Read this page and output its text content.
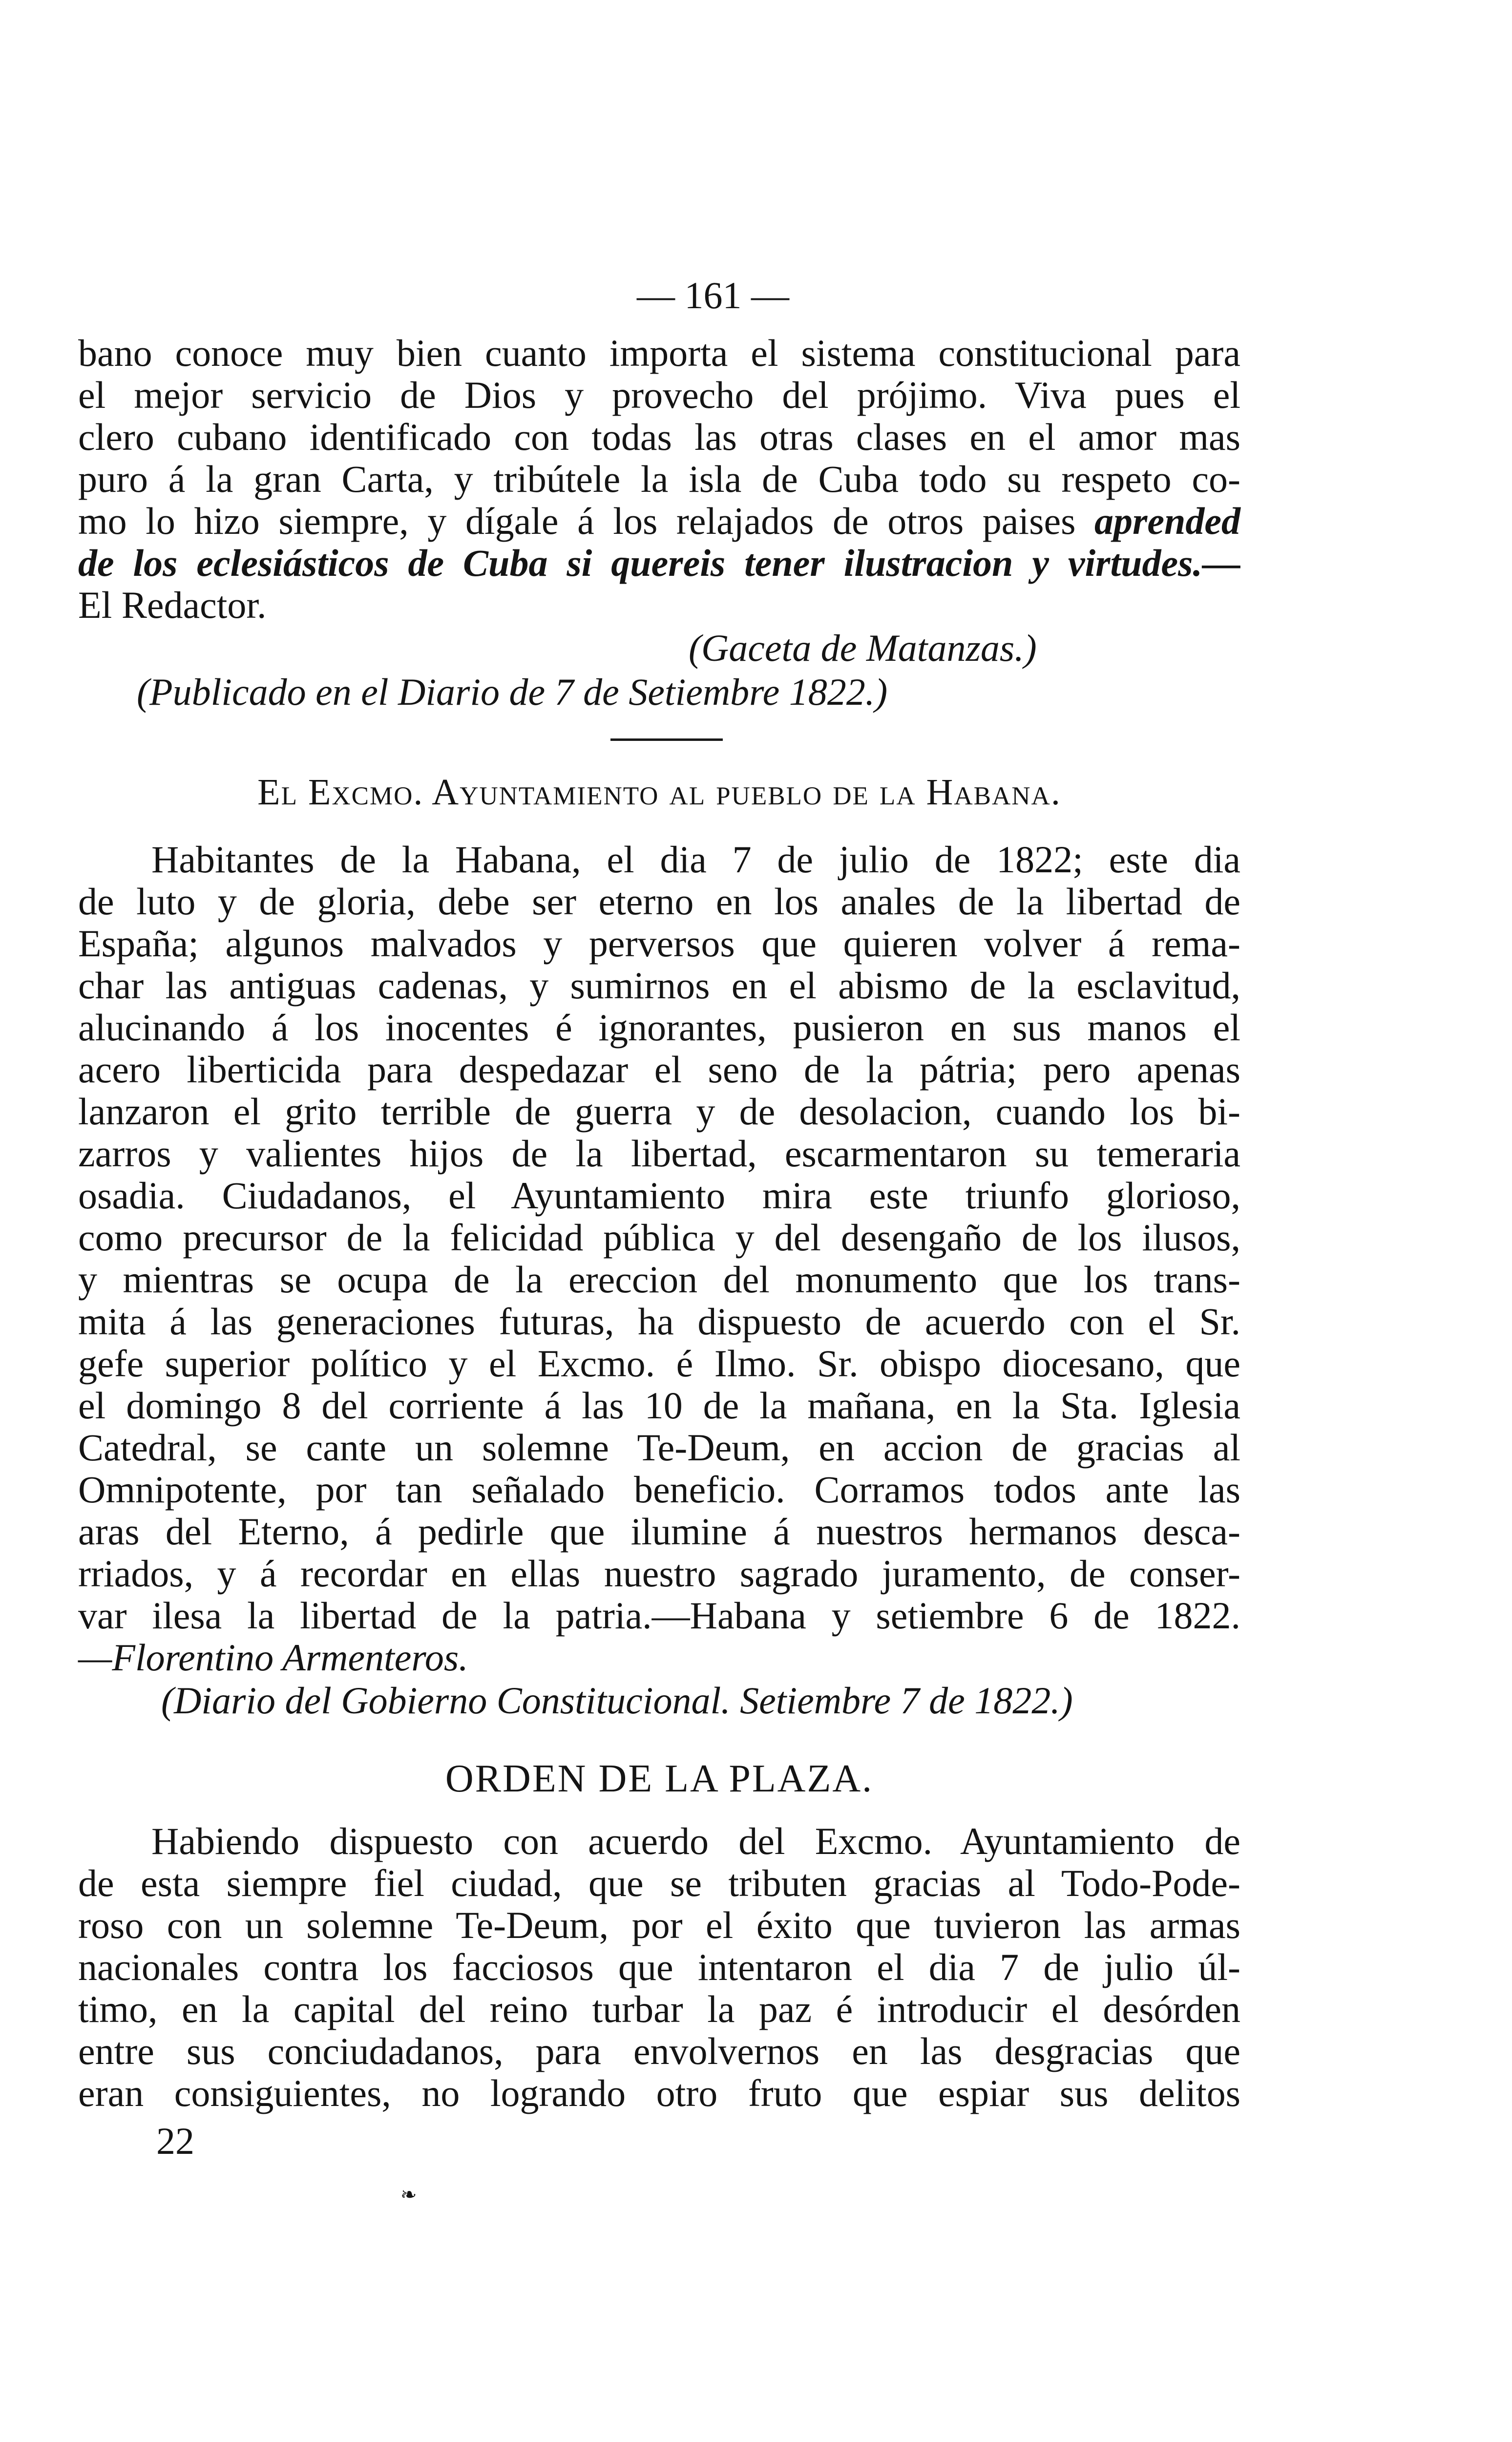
— 161 —
bano conoce muy bien cuanto importa el sistema constitucional para
el mejor servicio de Dios y provecho del prójimo. Viva pues el
clero cubano identificado con todas las otras clases en el amor mas
puro á la gran Carta, y tribútele la isla de Cuba todo su respeto co-
mo lo hizo siempre, y dígale á los relajados de otros paises aprended
de los eclesiásticos de Cuba si quereis tener ilustracion y virtudes.—
El Redactor.
(Gaceta de Matanzas.)
(Publicado en el Diario de 7 de Setiembre 1822.)
El Excmo. Ayuntamiento al pueblo de la Habana.
Habitantes de la Habana, el dia 7 de julio de 1822; este dia
de luto y de gloria, debe ser eterno en los anales de la libertad de
España; algunos malvados y perversos que quieren volver á rema-
char las antiguas cadenas, y sumirnos en el abismo de la esclavitud,
alucinando á los inocentes é ignorantes, pusieron en sus manos el
acero liberticida para despedazar el seno de la pátria; pero apenas
lanzaron el grito terrible de guerra y de desolacion, cuando los bi-
zarros y valientes hijos de la libertad, escarmentaron su temeraria
osadia. Ciudadanos, el Ayuntamiento mira este triunfo glorioso,
como precursor de la felicidad pública y del desengaño de los ilusos,
y mientras se ocupa de la ereccion del monumento que los trans-
mita á las generaciones futuras, ha dispuesto de acuerdo con el Sr.
gefe superior político y el Excmo. é Ilmo. Sr. obispo diocesano, que
el domingo 8 del corriente á las 10 de la mañana, en la Sta. Iglesia
Catedral, se cante un solemne Te-Deum, en accion de gracias al
Omnipotente, por tan señalado beneficio. Corramos todos ante las
aras del Eterno, á pedirle que ilumine á nuestros hermanos desca-
rriados, y á recordar en ellas nuestro sagrado juramento, de conser-
var ilesa la libertad de la patria.—Habana y setiembre 6 de 1822.
—Florentino Armenteros.
(Diario del Gobierno Constitucional. Setiembre 7 de 1822.)
ORDEN DE LA PLAZA.
Habiendo dispuesto con acuerdo del Excmo. Ayuntamiento de
de esta siempre fiel ciudad, que se tributen gracias al Todo-Pode-
roso con un solemne Te-Deum, por el éxito que tuvieron las armas
nacionales contra los facciosos que intentaron el dia 7 de julio úl-
timo, en la capital del reino turbar la paz é introducir el desórden
entre sus conciudadanos, para envolvernos en las desgracias que
eran consiguientes, no logrando otro fruto que espiar sus delitos
22
❧
